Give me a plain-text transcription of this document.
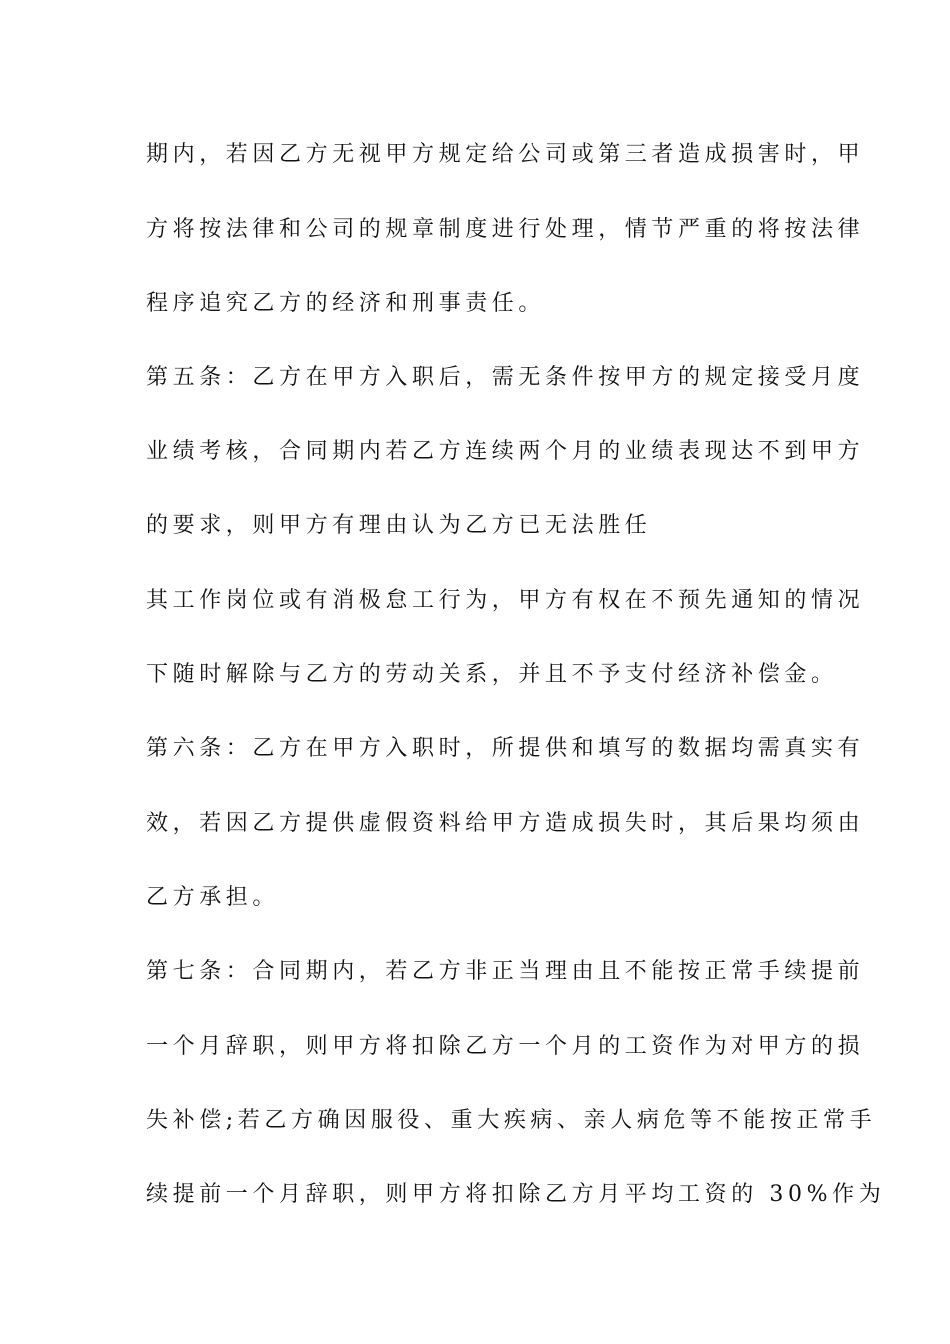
期内，若因乙方无视甲方规定给公司或第三者造成损害时，甲
方将按法律和公司的规章制度进行处理，情节严重的将按法律
程序追究乙方的经济和刑事责任。
第五条：乙方在甲方入职后，需无条件按甲方的规定接受月度
业绩考核，合同期内若乙方连续两个月的业绩表现达不到甲方
的要求，则甲方有理由认为乙方已无法胜任
其工作岗位或有消极怠工行为，甲方有权在不预先通知的情况
下随时解除与乙方的劳动关系，并且不予支付经济补偿金。
第六条：乙方在甲方入职时，所提供和填写的数据均需真实有
效，若因乙方提供虚假资料给甲方造成损失时，其后果均须由
乙方承担。
第七条：合同期内，若乙方非正当理由且不能按正常手续提前
一个月辞职，则甲方将扣除乙方一个月的工资作为对甲方的损
失补偿;若乙方确因服役、重大疾病、亲人病危等不能按正常手
续提前一个月辞职，则甲方将扣除乙方月平均工资的 30%作为
